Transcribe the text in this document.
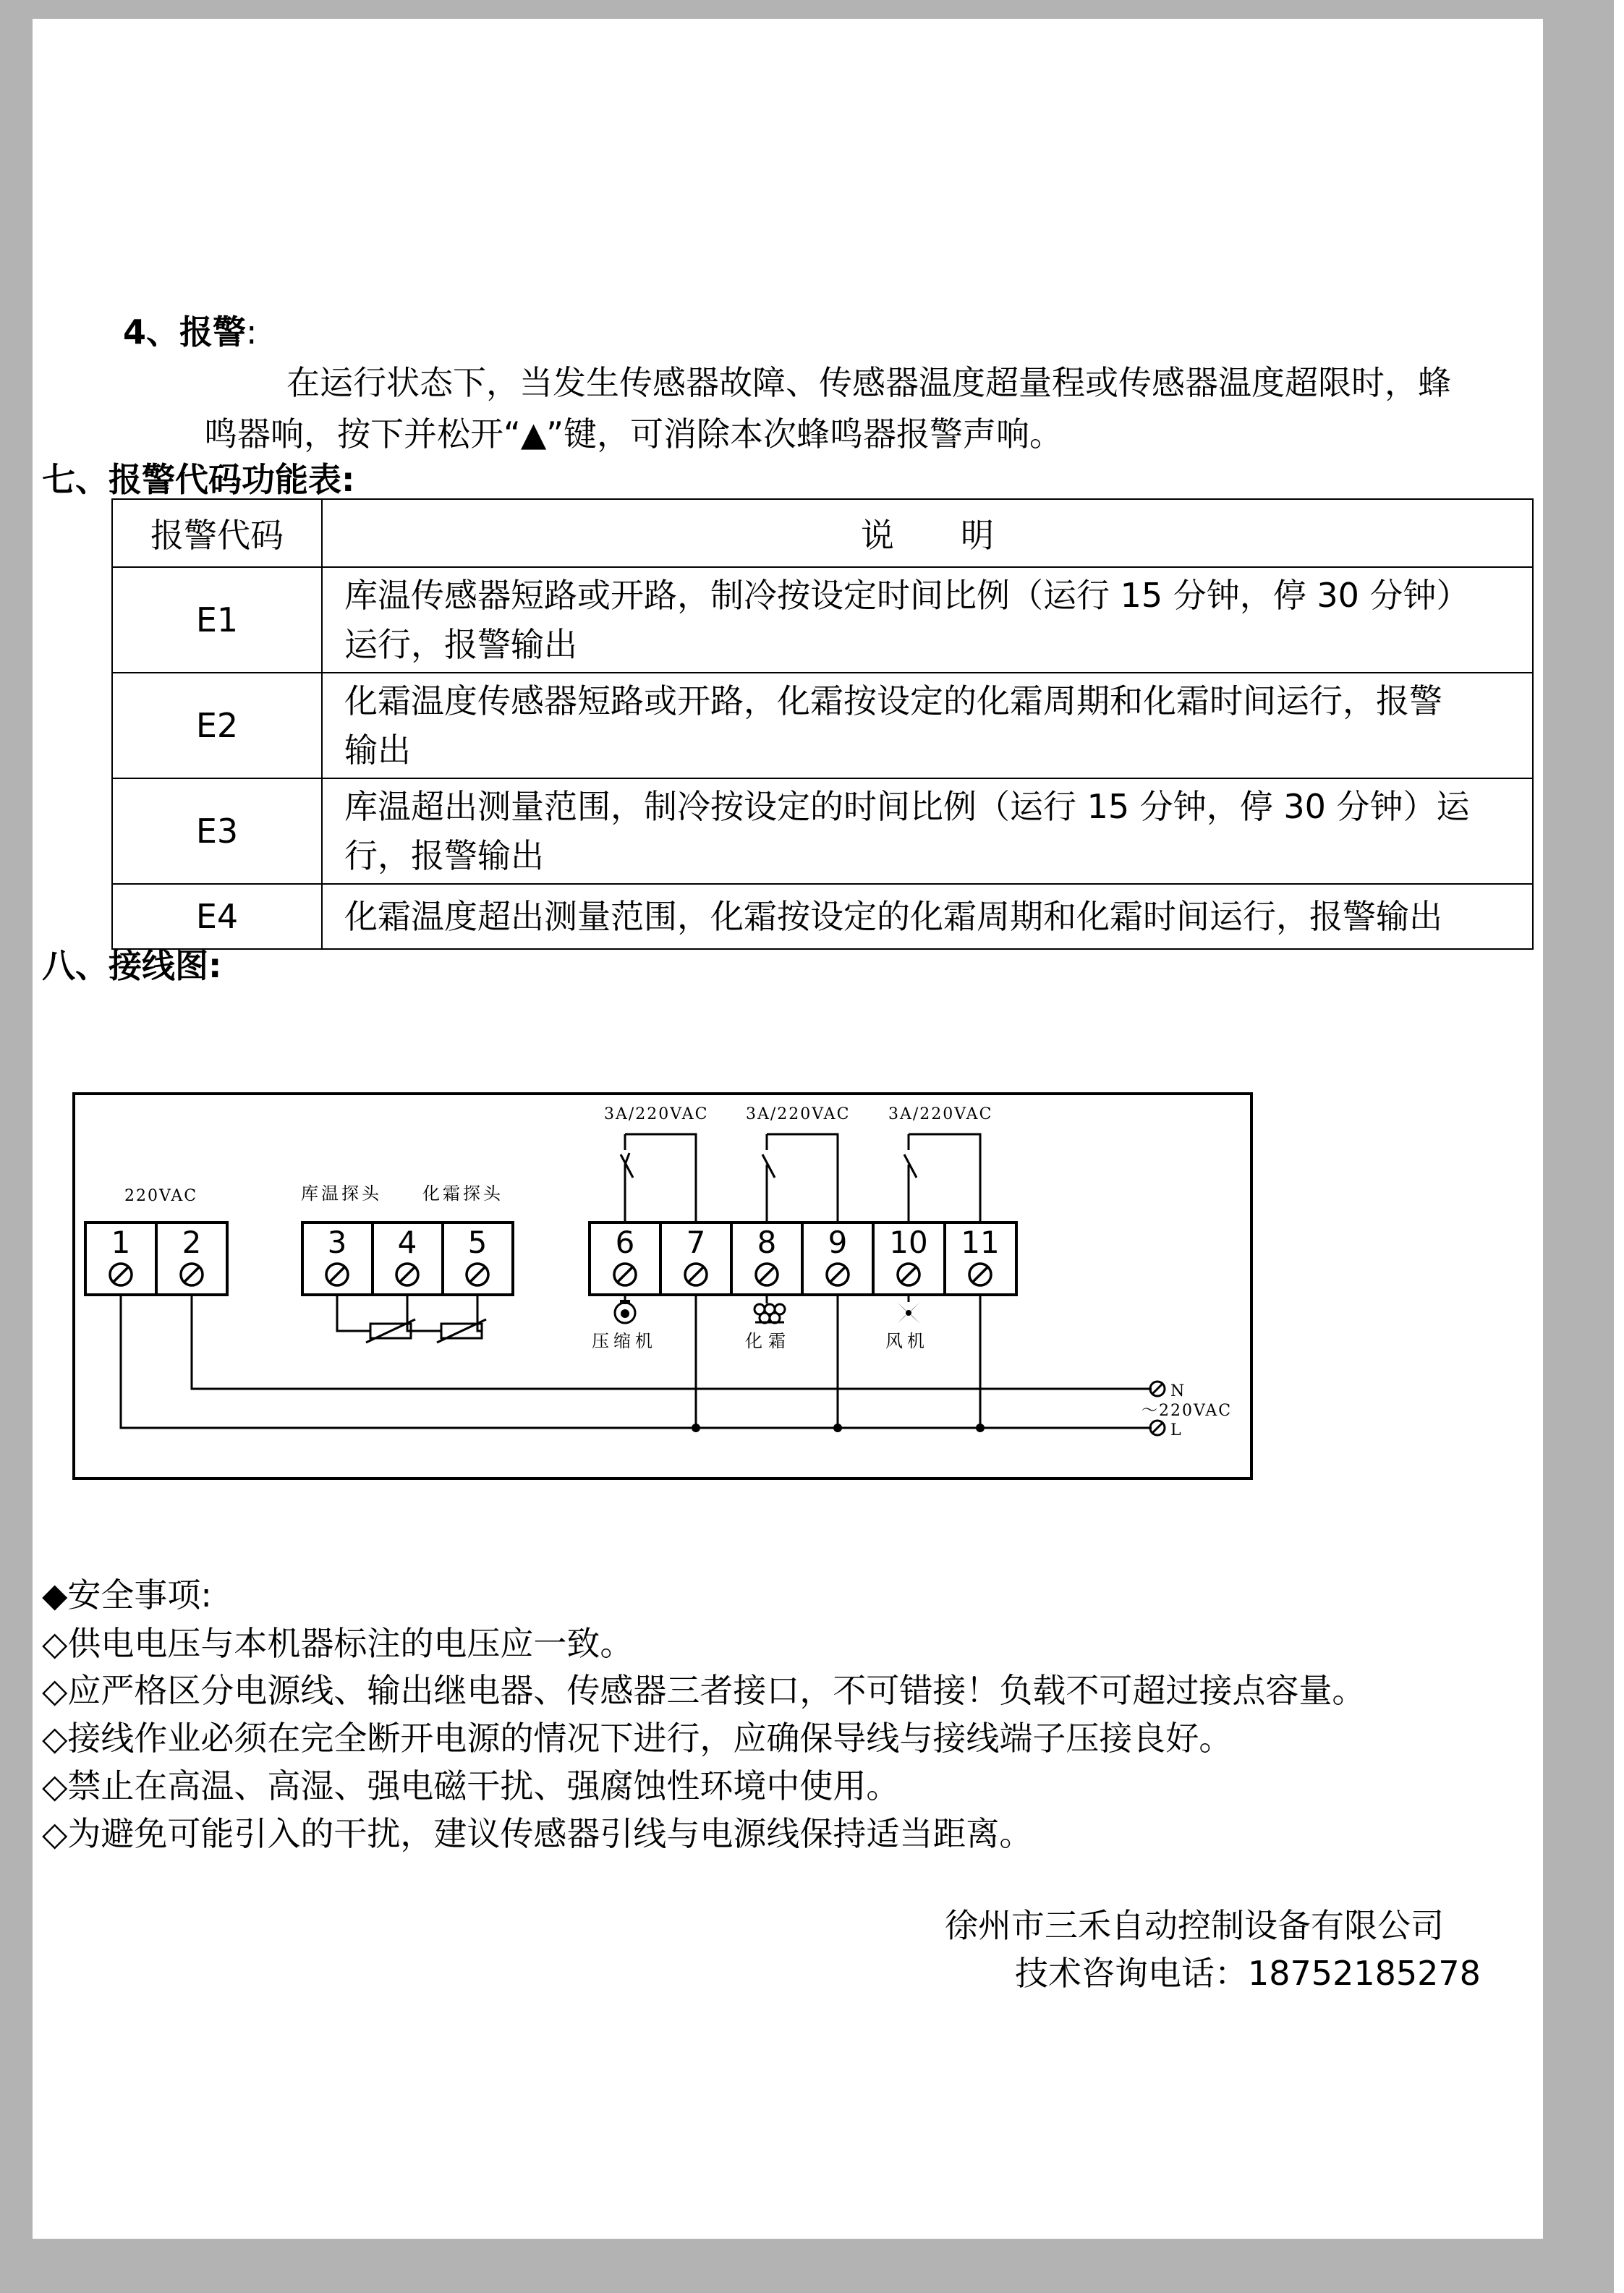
4、报警:
在运行状态下，当发生传感器故障、传感器温度超量程或传感器温度超限时，蜂
鸣器响，按下并松开“▲”键，可消除本次蜂鸣器报警声响。
七、报警代码功能表:
报警代码	说　　明
E1	库温传感器短路或开路，制冷按设定时间比例（运行 15 分钟，停 30 分钟）
运行，报警输出

E2	化霜温度传感器短路或开路，化霜按设定的化霜周期和化霜时间运行，报警
输出

E3	库温超出测量范围，制冷按设定的时间比例（运行 15 分钟，停 30 分钟）运
行，报警输出

E4	化霜温度超出测量范围，化霜按设定的化霜周期和化霜时间运行，报警输出
八、接线图:
220VAC	库温探头 化霜探头
3A/220VAC 3A/220VAC 3A/220VAC
1 2	3 4 5	6 7 8 9 10 11
压缩机	化霜	风机
N
～220VAC
L
◆安全事项:
◇供电电压与本机器标注的电压应一致。
◇应严格区分电源线、输出继电器、传感器三者接口，不可错接！负载不可超过接点容量。
◇接线作业必须在完全断开电源的情况下进行，应确保导线与接线端子压接良好。
◇禁止在高温、高湿、强电磁干扰、强腐蚀性环境中使用。
◇为避免可能引入的干扰，建议传感器引线与电源线保持适当距离。
徐州市三禾自动控制设备有限公司
技术咨询电话：18752185278
